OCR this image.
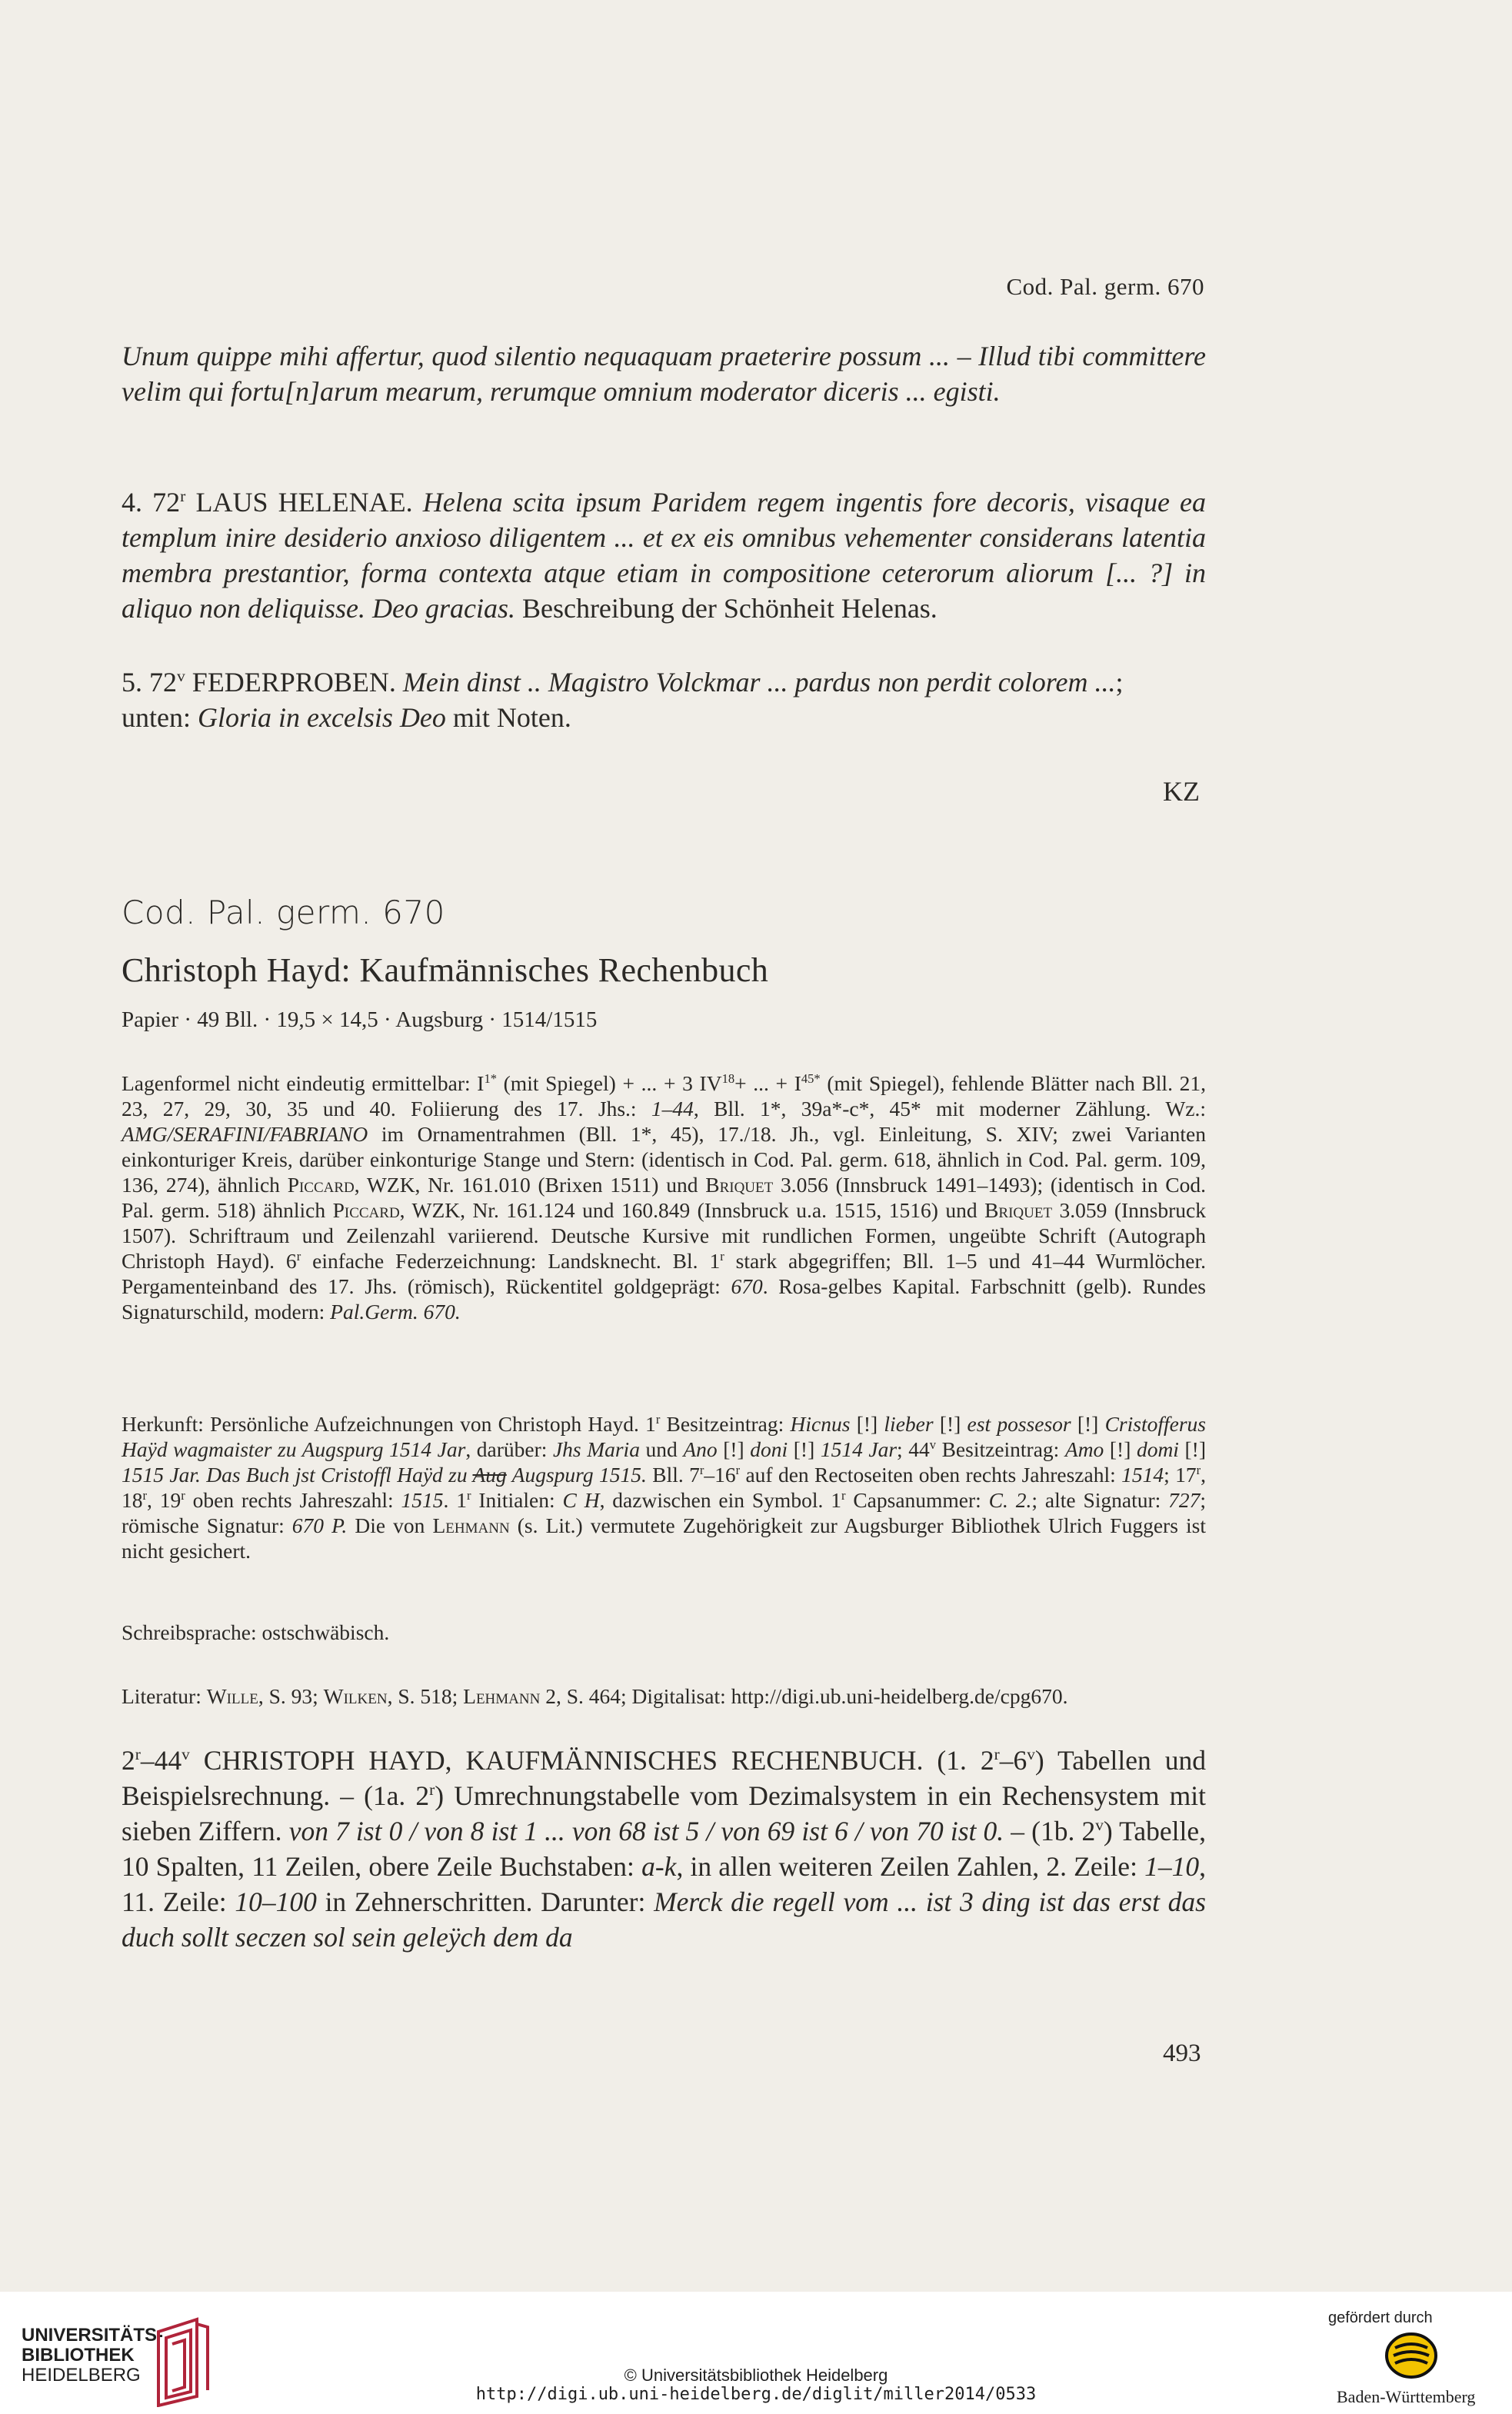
Cod. Pal. germ. 670

Unum quippe mihi affertur, quod silentio nequaquam praeterire possum ... – Illud tibi committere velim qui fortu[n]arum mearum, rerumque omnium moderator diceris ... egisti.

4. 72$^r$ LAUS HELENAE. Helena scita ipsum Paridem regem ingentis fore decoris, visaque ea templum inire desiderio anxioso diligentem ... et ex eis omnibus vehementer considerans latentia membra prestantior, forma contexta atque etiam in compositione ceterorum aliorum [... ?] in aliquo non deliquisse. Deo gracias. Beschreibung der Schönheit Helenas.

5. 72$^v$ FEDERPROBEN. Mein dinst .. Magistro Volckmar ... pardus non perdit colorem ...;
unten: Gloria in excelsis Deo mit Noten.

KZ
Cod. Pal. germ. 670
Christoph Hayd: Kaufmännisches Rechenbuch

Papier · 49 Bll. · 19,5 × 14,5 · Augsburg · 1514/1515

Lagenformel nicht eindeutig ermittelbar: $I^{1*}$ (mit Spiegel) + ... + 3 $IV^{18}+$ ... + $I^{45*}$ (mit Spiegel), fehlende Blätter nach Bll. 21, 23, 27, 29, 30, 35 und 40. Foliierung des 17. Jhs.: 1–44, Bll. 1*, 39a*-c*, 45* mit moderner Zählung. Wz.: AMG/SERAFINI/FABRIANO im Ornamentrahmen (Bll. 1*, 45), 17./18. Jh., vgl. Einleitung, S. XIV; zwei Varianten einkonturiger Kreis, darüber einkonturige Stange und Stern: (identisch in Cod. Pal. germ. 618, ähnlich in Cod. Pal. germ. 109, 136, 274), ähnlich Piccard, WZK, Nr. 161.010 (Brixen 1511) und Briquet 3.056 (Innsbruck 1491–1493); (identisch in Cod. Pal. germ. 518) ähnlich Piccard, WZK, Nr. 161.124 und 160.849 (Innsbruck u.a. 1515, 1516) und Briquet 3.059 (Innsbruck 1507). Schriftraum und Zeilenzahl variierend. Deutsche Kursive mit rundlichen Formen, ungeübte Schrift (Autograph Christoph Hayd). 6$^r$ einfache Federzeichnung: Landsknecht. Bl. 1$^r$ stark abgegriffen; Bll. 1–5 und 41–44 Wurmlöcher. Pergamenteinband des 17. Jhs. (römisch), Rückentitel goldgeprägt: 670. Rosa-gelbes Kapital. Farbschnitt (gelb). Rundes Signaturschild, modern: Pal.Germ. 670.

Herkunft: Persönliche Aufzeichnungen von Christoph Hayd. 1$^r$ Besitzeintrag: Hicnus [!] lieber [!] est possesor [!] Cristofferus Haÿd wagmaister zu Augspurg 1514 Jar, darüber: Jhs Maria und Ano [!] doni [!] 1514 Jar; 44$^v$ Besitzeintrag: Amo [!] domi [!] 1515 Jar. Das Buch jst Cristoffl Haÿd zu Aug Augspurg 1515. Bll. 7$^r$–16$^r$ auf den Rectoseiten oben rechts Jahreszahl: 1514; 17$^r$, 18$^r$, 19$^r$ oben rechts Jahreszahl: 1515. 1$^r$ Initialen: C H, dazwischen ein Symbol. 1$^r$ Capsanummer: C. 2.; alte Signatur: 727; römische Signatur: 670 P. Die von Lehmann (s. Lit.) vermutete Zugehörigkeit zur Augsburger Bibliothek Ulrich Fuggers ist nicht gesichert.

Schreibsprache: ostschwäbisch.

Literatur: Wille, S. 93; Wilken, S. 518; Lehmann 2, S. 464; Digitalisat: http://digi.ub.uni-heidelberg.de/cpg670.

2$^r$–44$^v$ CHRISTOPH HAYD, KAUFMÄNNISCHES RECHENBUCH. (1. 2$^r$–6$^v$) Tabellen und Beispielsrechnung. – (1a. 2$^r$) Umrechnungstabelle vom Dezimalsystem in ein Rechensystem mit sieben Ziffern. von 7 ist 0 / von 8 ist 1 ... von 68 ist 5 / von 69 ist 6 / von 70 ist 0. – (1b. 2$^v$) Tabelle, 10 Spalten, 11 Zeilen, obere Zeile Buchstaben: a-k, in allen weiteren Zeilen Zahlen, 2. Zeile: 1–10, 11. Zeile: 10–100 in Zehnerschritten. Darunter: Merck die regell vom ... ist 3 ding ist das erst das duch sollt seczen sol sein geleÿch dem da

493
UNIVERSITÄTS-
BIBLIOTHEK
HEIDELBERG	© Universitätsbibliothek Heidelberg
http://digi.ub.uni-heidelberg.de/diglit/miller2014/0533
gefördert durch
Baden-Württemberg
